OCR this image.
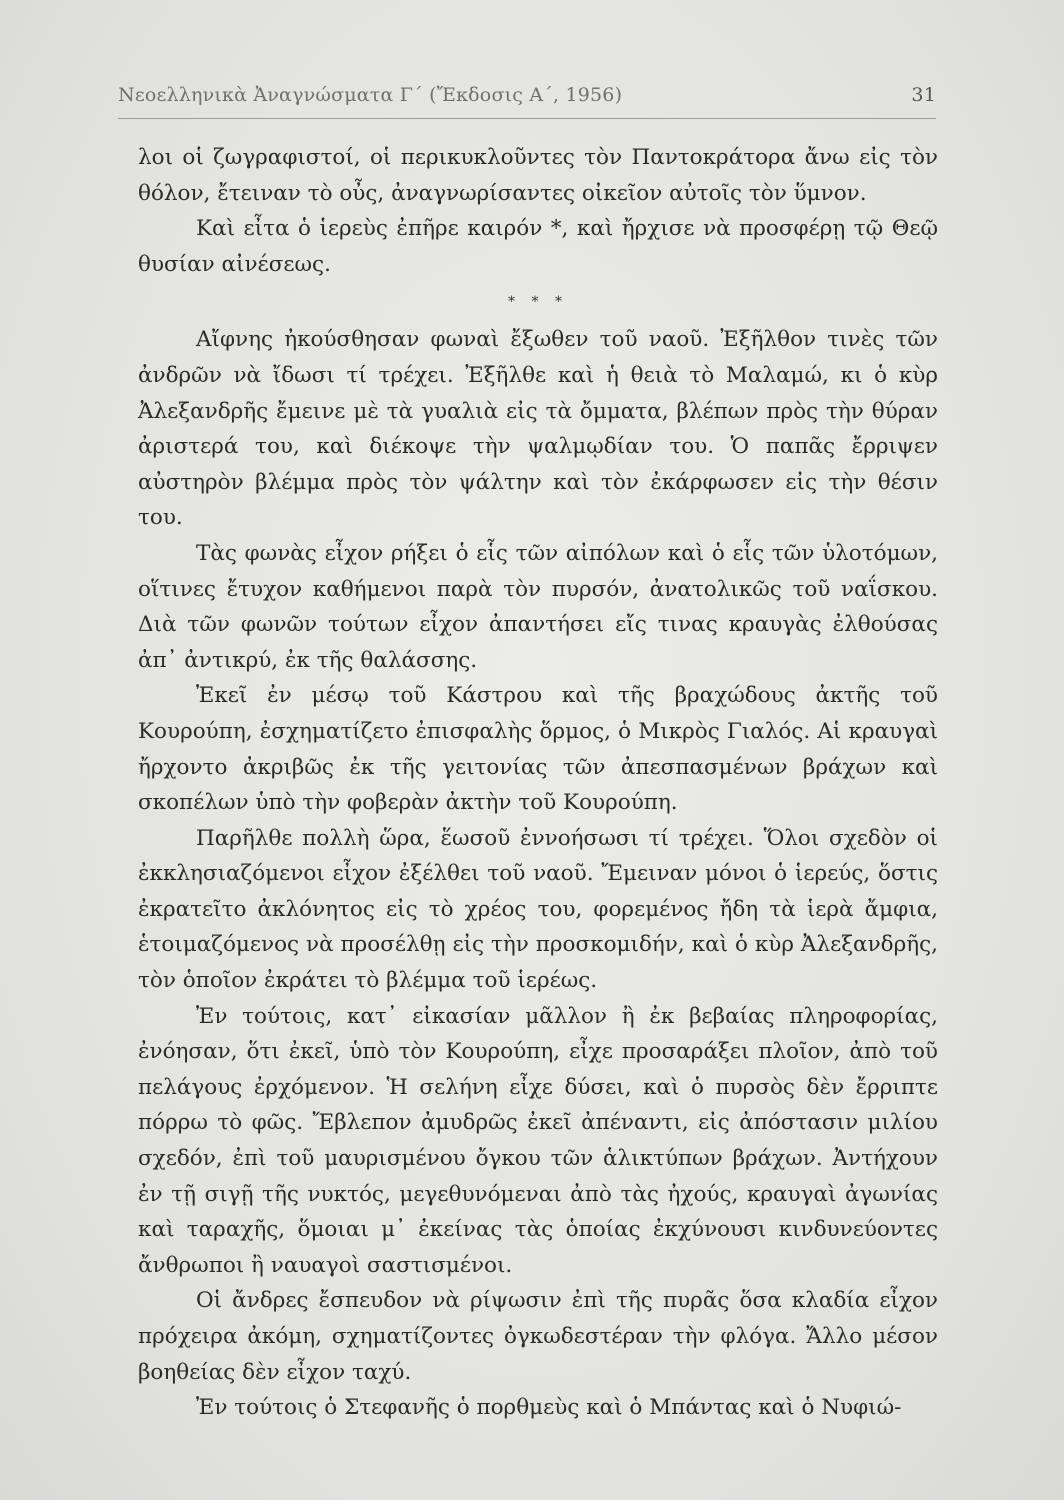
Νεοελληνικὰ Ἀναγνώσματα Γ΄ (Ἔκδοσις Α΄, 1956)	31

λοι οἱ ζωγραφιστοί, οἱ περικυκλοῦντες τὸν Παντοκράτορα ἄνω εἰς τὸν θόλον, ἔτειναν τὸ οὖς, ἀναγνωρίσαντες οἰκεῖον αὐτοῖς τὸν ὕμνον.

Καὶ εἶτα ὁ ἱερεὺς ἐπῆρε καιρόν *, καὶ ἤρχισε νὰ προσφέρῃ τῷ Θεῷ θυσίαν αἰνέσεως.

* * *

Αἴφνης ἠκούσθησαν φωναὶ ἔξωθεν τοῦ ναοῦ. Ἐξῆλθον τινὲς τῶν ἀνδρῶν νὰ ἴδωσι τί τρέχει. Ἐξῆλθε καὶ ἡ θειὰ τὸ Μαλαμώ, κι ὁ κὺρ Ἀλεξανδρῆς ἔμεινε μὲ τὰ γυαλιὰ εἰς τὰ ὄμματα, βλέπων πρὸς τὴν θύραν ἀριστερά του, καὶ διέκοψε τὴν ψαλμῳδίαν του. Ὁ παπᾶς ἔρριψεν αὐστηρὸν βλέμμα πρὸς τὸν ψάλτην καὶ τὸν ἐκάρφωσεν εἰς τὴν θέσιν του.

Τὰς φωνὰς εἶχον ρήξει ὁ εἷς τῶν αἰπόλων καὶ ὁ εἷς τῶν ὑλοτόμων, οἵτινες ἔτυχον καθήμενοι παρὰ τὸν πυρσόν, ἀνατολικῶς τοῦ ναΐσκου. Διὰ τῶν φωνῶν τούτων εἶχον ἀπαντήσει εἴς τινας κραυγὰς ἐλθούσας ἀπ᾽ ἀντικρύ, ἐκ τῆς θαλάσσης.

Ἐκεῖ ἐν μέσῳ τοῦ Κάστρου καὶ τῆς βραχώδους ἀκτῆς τοῦ Κουρούπη, ἐσχηματίζετο ἐπισφαλὴς ὅρμος, ὁ Μικρὸς Γιαλός. Αἱ κραυγαὶ ἤρχοντο ἀκριβῶς ἐκ τῆς γειτονίας τῶν ἀπεσπασμένων βράχων καὶ σκοπέλων ὑπὸ τὴν φοβερὰν ἀκτὴν τοῦ Κουρούπη.

Παρῆλθε πολλὴ ὥρα, ἕωσοῦ ἐννοήσωσι τί τρέχει. Ὅλοι σχεδὸν οἱ ἐκκλησιαζόμενοι εἶχον ἐξέλθει τοῦ ναοῦ. Ἔμειναν μόνοι ὁ ἱερεύς, ὅστις ἐκρατεῖτο ἀκλόνητος εἰς τὸ χρέος του, φορεμένος ἤδη τὰ ἱερὰ ἄμφια, ἑτοιμαζόμενος νὰ προσέλθῃ εἰς τὴν προσκομιδήν, καὶ ὁ κὺρ Ἀλεξανδρῆς, τὸν ὁποῖον ἐκράτει τὸ βλέμμα τοῦ ἱερέως.

Ἐν τούτοις, κατ᾽ εἰκασίαν μᾶλλον ἢ ἐκ βεβαίας πληροφορίας, ἐνόησαν, ὅτι ἐκεῖ, ὑπὸ τὸν Κουρούπη, εἶχε προσαράξει πλοῖον, ἀπὸ τοῦ πελάγους ἐρχόμενον. Ἡ σελήνη εἶχε δύσει, καὶ ὁ πυρσὸς δὲν ἔρριπτε πόρρω τὸ φῶς. Ἔβλεπον ἀμυδρῶς ἐκεῖ ἀπέναντι, εἰς ἀπόστασιν μιλίου σχεδόν, ἐπὶ τοῦ μαυρισμένου ὄγκου τῶν ἁλικτύπων βράχων. Ἀντήχουν ἐν τῇ σιγῇ τῆς νυκτός, μεγεθυνόμεναι ἀπὸ τὰς ἠχούς, κραυγαὶ ἀγωνίας καὶ ταραχῆς, ὅμοιαι μ᾽ ἐκείνας τὰς ὁποίας ἐκχύνουσι κινδυνεύοντες ἄνθρωποι ἢ ναυαγοὶ σαστισμένοι.

Οἱ ἄνδρες ἔσπευδον νὰ ρίψωσιν ἐπὶ τῆς πυρᾶς ὅσα κλαδία εἶχον πρόχειρα ἀκόμη, σχηματίζοντες ὀγκωδεστέραν τὴν φλόγα. Ἄλλο μέσον βοηθείας δὲν εἶχον ταχύ.

Ἐν τούτοις ὁ Στεφανῆς ὁ πορθμεὺς καὶ ὁ Μπάντας καὶ ὁ Νυφιώ-
